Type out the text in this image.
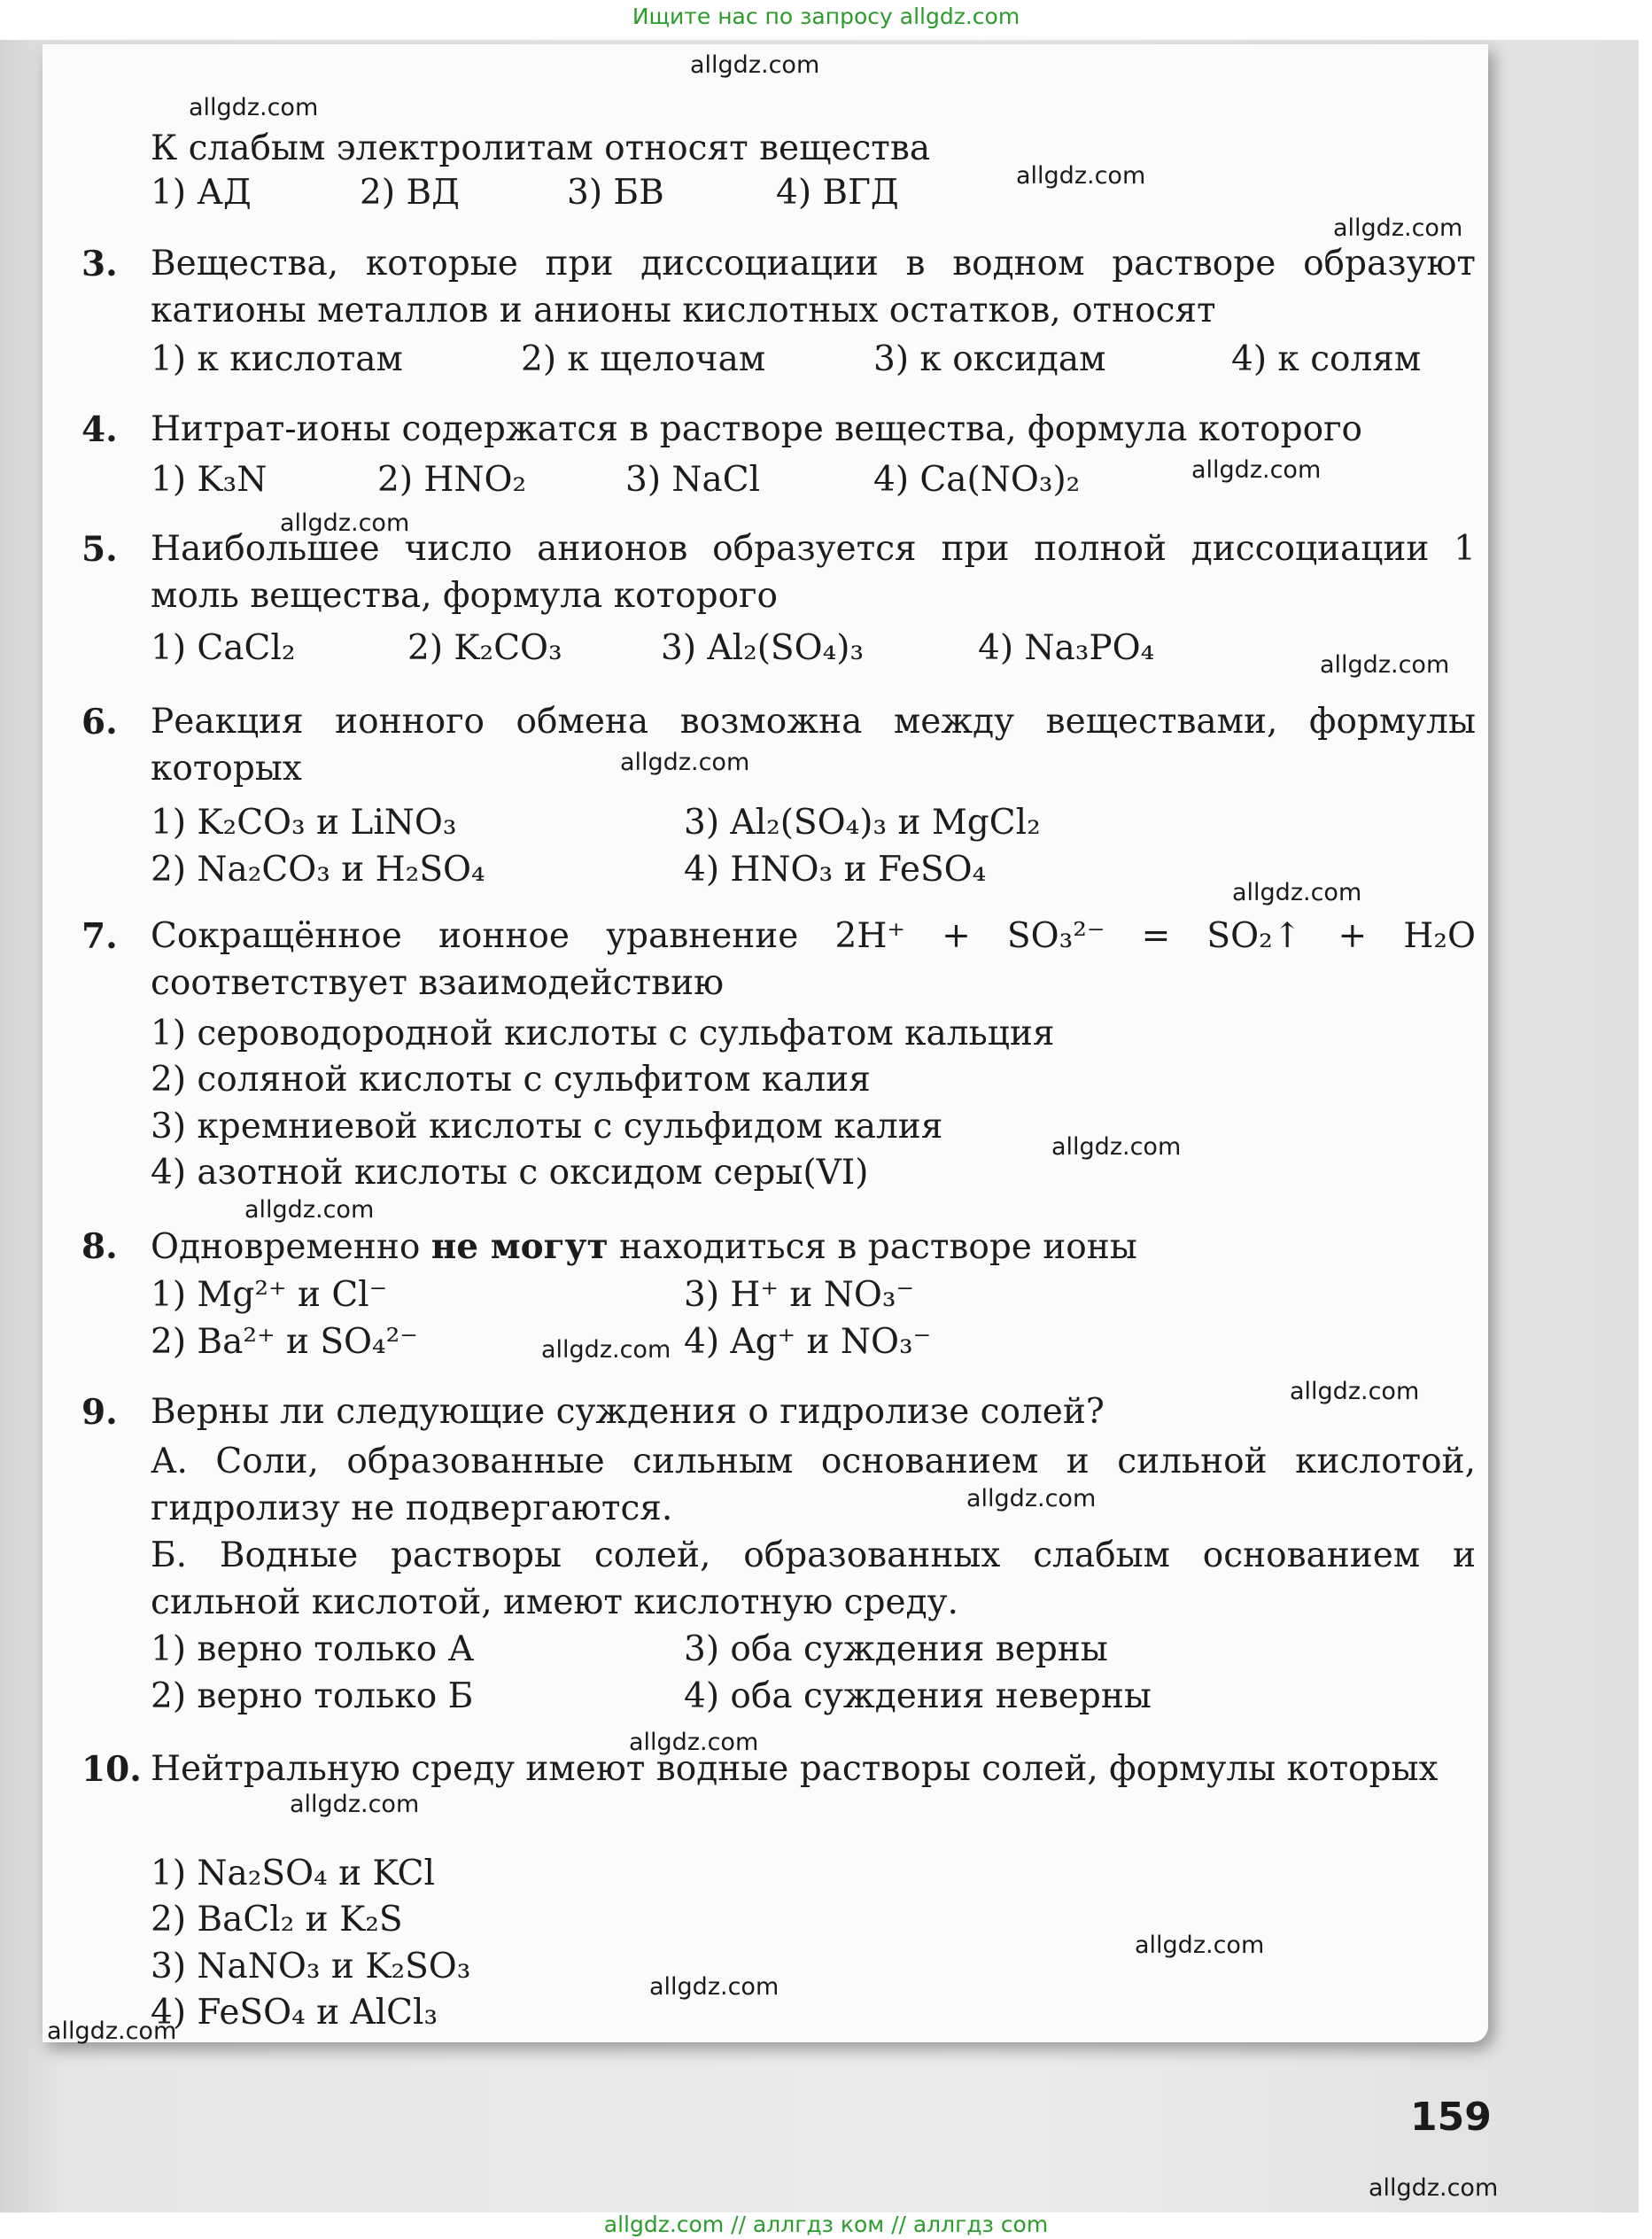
Ищите нас по запросу allgdz.com
К слабым электролитам относят вещества
1) АД	2) ВД	3) БВ	4) ВГД
3. Вещества, которые при диссоциации в водном растворе образуют катионы металлов и анионы кислотных остатков, относят
1) к кислотам	2) к щелочам	3) к оксидам	4) к солям
4. Нитрат-ионы содержатся в растворе вещества, формула которого
1) K₃N	2) HNO₂	3) NaCl	4) Ca(NO₃)₂
5. Наибольшее число анионов образуется при полной диссоциации 1 моль вещества, формула которого
1) CaCl₂	2) K₂CO₃	3) Al₂(SO₄)₃	4) Na₃PO₄
6. Реакция ионного обмена возможна между веществами, формулы которых
1) K₂CO₃ и LiNO₃
2) Na₂CO₃ и H₂SO₄
3) Al₂(SO₄)₃ и MgCl₂
4) HNO₃ и FeSO₄
7. Сокращённое ионное уравнение 2H⁺ + SO₃²⁻ = SO₂↑ + H₂O соответствует взаимодействию
1) сероводородной кислоты с сульфатом кальция
2) соляной кислоты с сульфитом калия
3) кремниевой кислоты с сульфидом калия
4) азотной кислоты с оксидом серы(VI)
8. Одновременно не могут находиться в растворе ионы
1) Mg²⁺ и Cl⁻
2) Ba²⁺ и SO₄²⁻
3) H⁺ и NO₃⁻
4) Ag⁺ и NO₃⁻
9. Верны ли следующие суждения о гидролизе солей?
А. Соли, образованные сильным основанием и сильной кислотой, гидролизу не подвергаются.
Б. Водные растворы солей, образованных слабым основанием и сильной кислотой, имеют кислотную среду.
1) верно только А
2) верно только Б
3) оба суждения верны
4) оба суждения неверны
10. Нейтральную среду имеют водные растворы солей, формулы которых
1) Na₂SO₄ и KCl
2) BaCl₂ и K₂S
3) NaNO₃ и K₂SO₃
4) FeSO₄ и AlCl₃
159
allgdz.com
allgdz.com
allgdz.com
allgdz.com
allgdz.com
allgdz.com
allgdz.com
allgdz.com
allgdz.com
allgdz.com
allgdz.com
allgdz.com
allgdz.com
allgdz.com
allgdz.com
allgdz.com
allgdz.com
allgdz.com
allgdz.com
allgdz.com
allgdz.com // аллгдз ком // аллгдз com
